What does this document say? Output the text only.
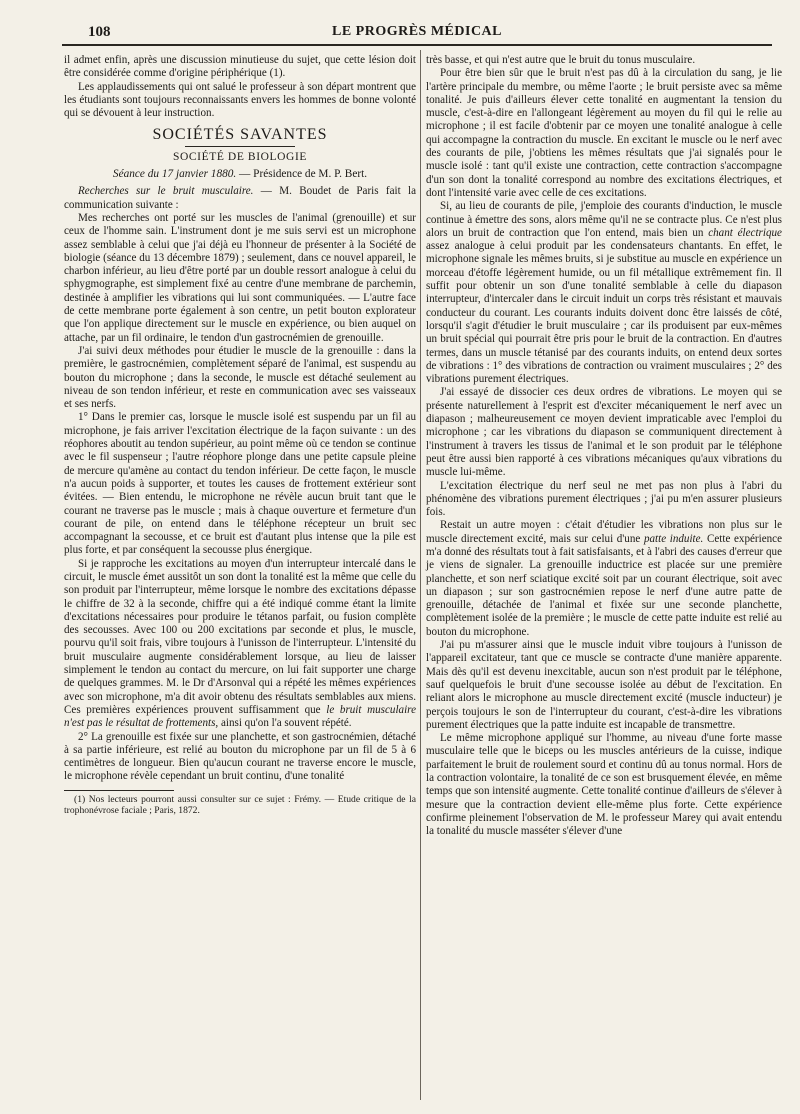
108	LE PROGRÈS MÉDICAL

il admet enfin, après une discussion minutieuse du sujet, que cette lésion doit être considérée comme d'origine périphérique (1).

Les applaudissements qui ont salué le professeur à son départ montrent que les étudiants sont toujours reconnaissants envers les hommes de bonne volonté qui se dévouent à leur instruction.

SOCIÉTÉS SAVANTES
SOCIÉTÉ DE BIOLOGIE

Séance du 17 janvier 1880. — Présidence de M. P. Bert.

Recherches sur le bruit musculaire. — M. Boudet de Paris fait la communication suivante :

Mes recherches ont porté sur les muscles de l'animal (grenouille) et sur ceux de l'homme sain. L'instrument dont je me suis servi est un microphone assez semblable à celui que j'ai déjà eu l'honneur de présenter à la Société de biologie (séance du 13 décembre 1879) ; seulement, dans ce nouvel appareil, le charbon inférieur, au lieu d'être porté par un double ressort analogue à celui du sphygmographe, est simplement fixé au centre d'une membrane de parchemin, destinée à amplifier les vibrations qui lui sont communiquées. — L'autre face de cette membrane porte également à son centre, un petit bouton explorateur que l'on applique directement sur le muscle en expérience, ou bien auquel on attache, par un fil ordinaire, le tendon d'un gastrocnémien de grenouille.

J'ai suivi deux méthodes pour étudier le muscle de la grenouille : dans la première, le gastrocnémien, complètement séparé de l'animal, est suspendu au bouton du microphone ; dans la seconde, le muscle est détaché seulement au niveau de son tendon inférieur, et reste en communication avec ses vaisseaux et ses nerfs.

1° Dans le premier cas, lorsque le muscle isolé est suspendu par un fil au microphone, je fais arriver l'excitation électrique de la façon suivante : un des réophores aboutit au tendon supérieur, au point même où ce tendon se continue avec le fil suspenseur ; l'autre réophore plonge dans une petite capsule pleine de mercure qu'amène au contact du tendon inférieur. De cette façon, le muscle n'a aucun poids à supporter, et toutes les causes de frottement extérieur sont évitées. — Bien entendu, le microphone ne révèle aucun bruit tant que le courant ne traverse pas le muscle ; mais à chaque ouverture et fermeture d'un courant de pile, on entend dans le téléphone récepteur un bruit sec accompagnant la secousse, et ce bruit est d'autant plus intense que la pile est plus forte, et par conséquent la secousse plus énergique.

Si je rapproche les excitations au moyen d'un interrupteur intercalé dans le circuit, le muscle émet aussitôt un son dont la tonalité est la même que celle du son produit par l'interrupteur, même lorsque le nombre des excitations dépasse le chiffre de 32 à la seconde, chiffre qui a été indiqué comme étant la limite d'excitations nécessaires pour produire le tétanos parfait, ou fusion complète des secousses. Avec 100 ou 200 excitations par seconde et plus, le muscle, pourvu qu'il soit frais, vibre toujours à l'unisson de l'interrupteur. L'intensité du bruit musculaire augmente considérablement lorsque, au lieu de laisser simplement le tendon au contact du mercure, on lui fait supporter une charge de quelques grammes. M. le Dr d'Arsonval qui a répété les mêmes expériences avec son microphone, m'a dit avoir obtenu des résultats semblables aux miens. Ces premières expériences prouvent suffisamment que le bruit musculaire n'est pas le résultat de frottements, ainsi qu'on l'a souvent répété.

2° La grenouille est fixée sur une planchette, et son gastrocnémien, détaché à sa partie inférieure, est relié au bouton du microphone par un fil de 5 à 6 centimètres de longueur. Bien qu'aucun courant ne traverse encore le muscle, le microphone révèle cependant un bruit continu, d'une tonalité

(1) Nos lecteurs pourront aussi consulter sur ce sujet : Frémy. — Etude critique de la trophonévrose faciale ; Paris, 1872.

très basse, et qui n'est autre que le bruit du tonus musculaire.

Pour être bien sûr que le bruit n'est pas dû à la circulation du sang, je lie l'artère principale du membre, ou même l'aorte ; le bruit persiste avec sa même tonalité. Je puis d'ailleurs élever cette tonalité en augmentant la tension du muscle, c'est-à-dire en l'allongeant légèrement au moyen du fil qui le relie au microphone ; il est facile d'obtenir par ce moyen une tonalité analogue à celle qui accompagne la contraction du muscle. En excitant le muscle ou le nerf avec des courants de pile, j'obtiens les mêmes résultats que j'ai signalés pour le muscle isolé : tant qu'il existe une contraction, cette contraction s'accompagne d'un son dont la tonalité correspond au nombre des excitations électriques, et dont l'intensité varie avec celle de ces excitations.

Si, au lieu de courants de pile, j'emploie des courants d'induction, le muscle continue à émettre des sons, alors même qu'il ne se contracte plus. Ce n'est plus alors un bruit de contraction que l'on entend, mais bien un chant électrique assez analogue à celui produit par les condensateurs chantants. En effet, le microphone signale les mêmes bruits, si je substitue au muscle en expérience un morceau d'étoffe légèrement humide, ou un fil métallique extrêmement fin. Il suffit pour obtenir un son d'une tonalité semblable à celle du diapason interrupteur, d'intercaler dans le circuit induit un corps très résistant et mauvais conducteur du courant. Les courants induits doivent donc être laissés de côté, lorsqu'il s'agit d'étudier le bruit musculaire ; car ils produisent par eux-mêmes un bruit spécial qui pourrait être pris pour le bruit de la contraction. En d'autres termes, dans un muscle tétanisé par des courants induits, on entend deux sortes de vibrations : 1° des vibrations de contraction ou vraiment musculaires ; 2° des vibrations purement électriques.

J'ai essayé de dissocier ces deux ordres de vibrations. Le moyen qui se présente naturellement à l'esprit est d'exciter mécaniquement le nerf avec un diapason ; malheureusement ce moyen devient impraticable avec l'emploi du microphone ; car les vibrations du diapason se communiquent directement à l'instrument à travers les tissus de l'animal et le son produit par le téléphone peut être aussi bien rapporté à ces vibrations mécaniques qu'aux vibrations du muscle lui-même.

L'excitation électrique du nerf seul ne met pas non plus à l'abri du phénomène des vibrations purement électriques ; j'ai pu m'en assurer plusieurs fois.

Restait un autre moyen : c'était d'étudier les vibrations non plus sur le muscle directement excité, mais sur celui d'une patte induite. Cette expérience m'a donné des résultats tout à fait satisfaisants, et à l'abri des causes d'erreur que je viens de signaler. La grenouille inductrice est placée sur une première planchette, et son nerf sciatique excité soit par un courant électrique, soit avec un diapason ; sur son gastrocnémien repose le nerf d'une autre patte de grenouille, détachée de l'animal et fixée sur une seconde planchette, complètement isolée de la première ; le muscle de cette patte induite est relié au bouton du microphone.

J'ai pu m'assurer ainsi que le muscle induit vibre toujours à l'unisson de l'appareil excitateur, tant que ce muscle se contracte d'une manière apparente. Mais dès qu'il est devenu inexcitable, aucun son n'est produit par le téléphone, sauf quelquefois le bruit d'une secousse isolée au début de l'excitation. En reliant alors le microphone au muscle directement excité (muscle inducteur) je perçois toujours le son de l'interrupteur du courant, c'est-à-dire les vibrations purement électriques que la patte induite est incapable de transmettre.

Le même microphone appliqué sur l'homme, au niveau d'une forte masse musculaire telle que le biceps ou les muscles antérieurs de la cuisse, indique parfaitement le bruit de roulement sourd et continu dû au tonus normal. Hors de la contraction volontaire, la tonalité de ce son est brusquement élevée, en même temps que son intensité augmente. Cette tonalité continue d'ailleurs de s'élever à mesure que la contraction devient elle-même plus forte. Cette expérience confirme pleinement l'observation de M. le professeur Marey qui avait entendu la tonalité du muscle masséter s'élever d'une
